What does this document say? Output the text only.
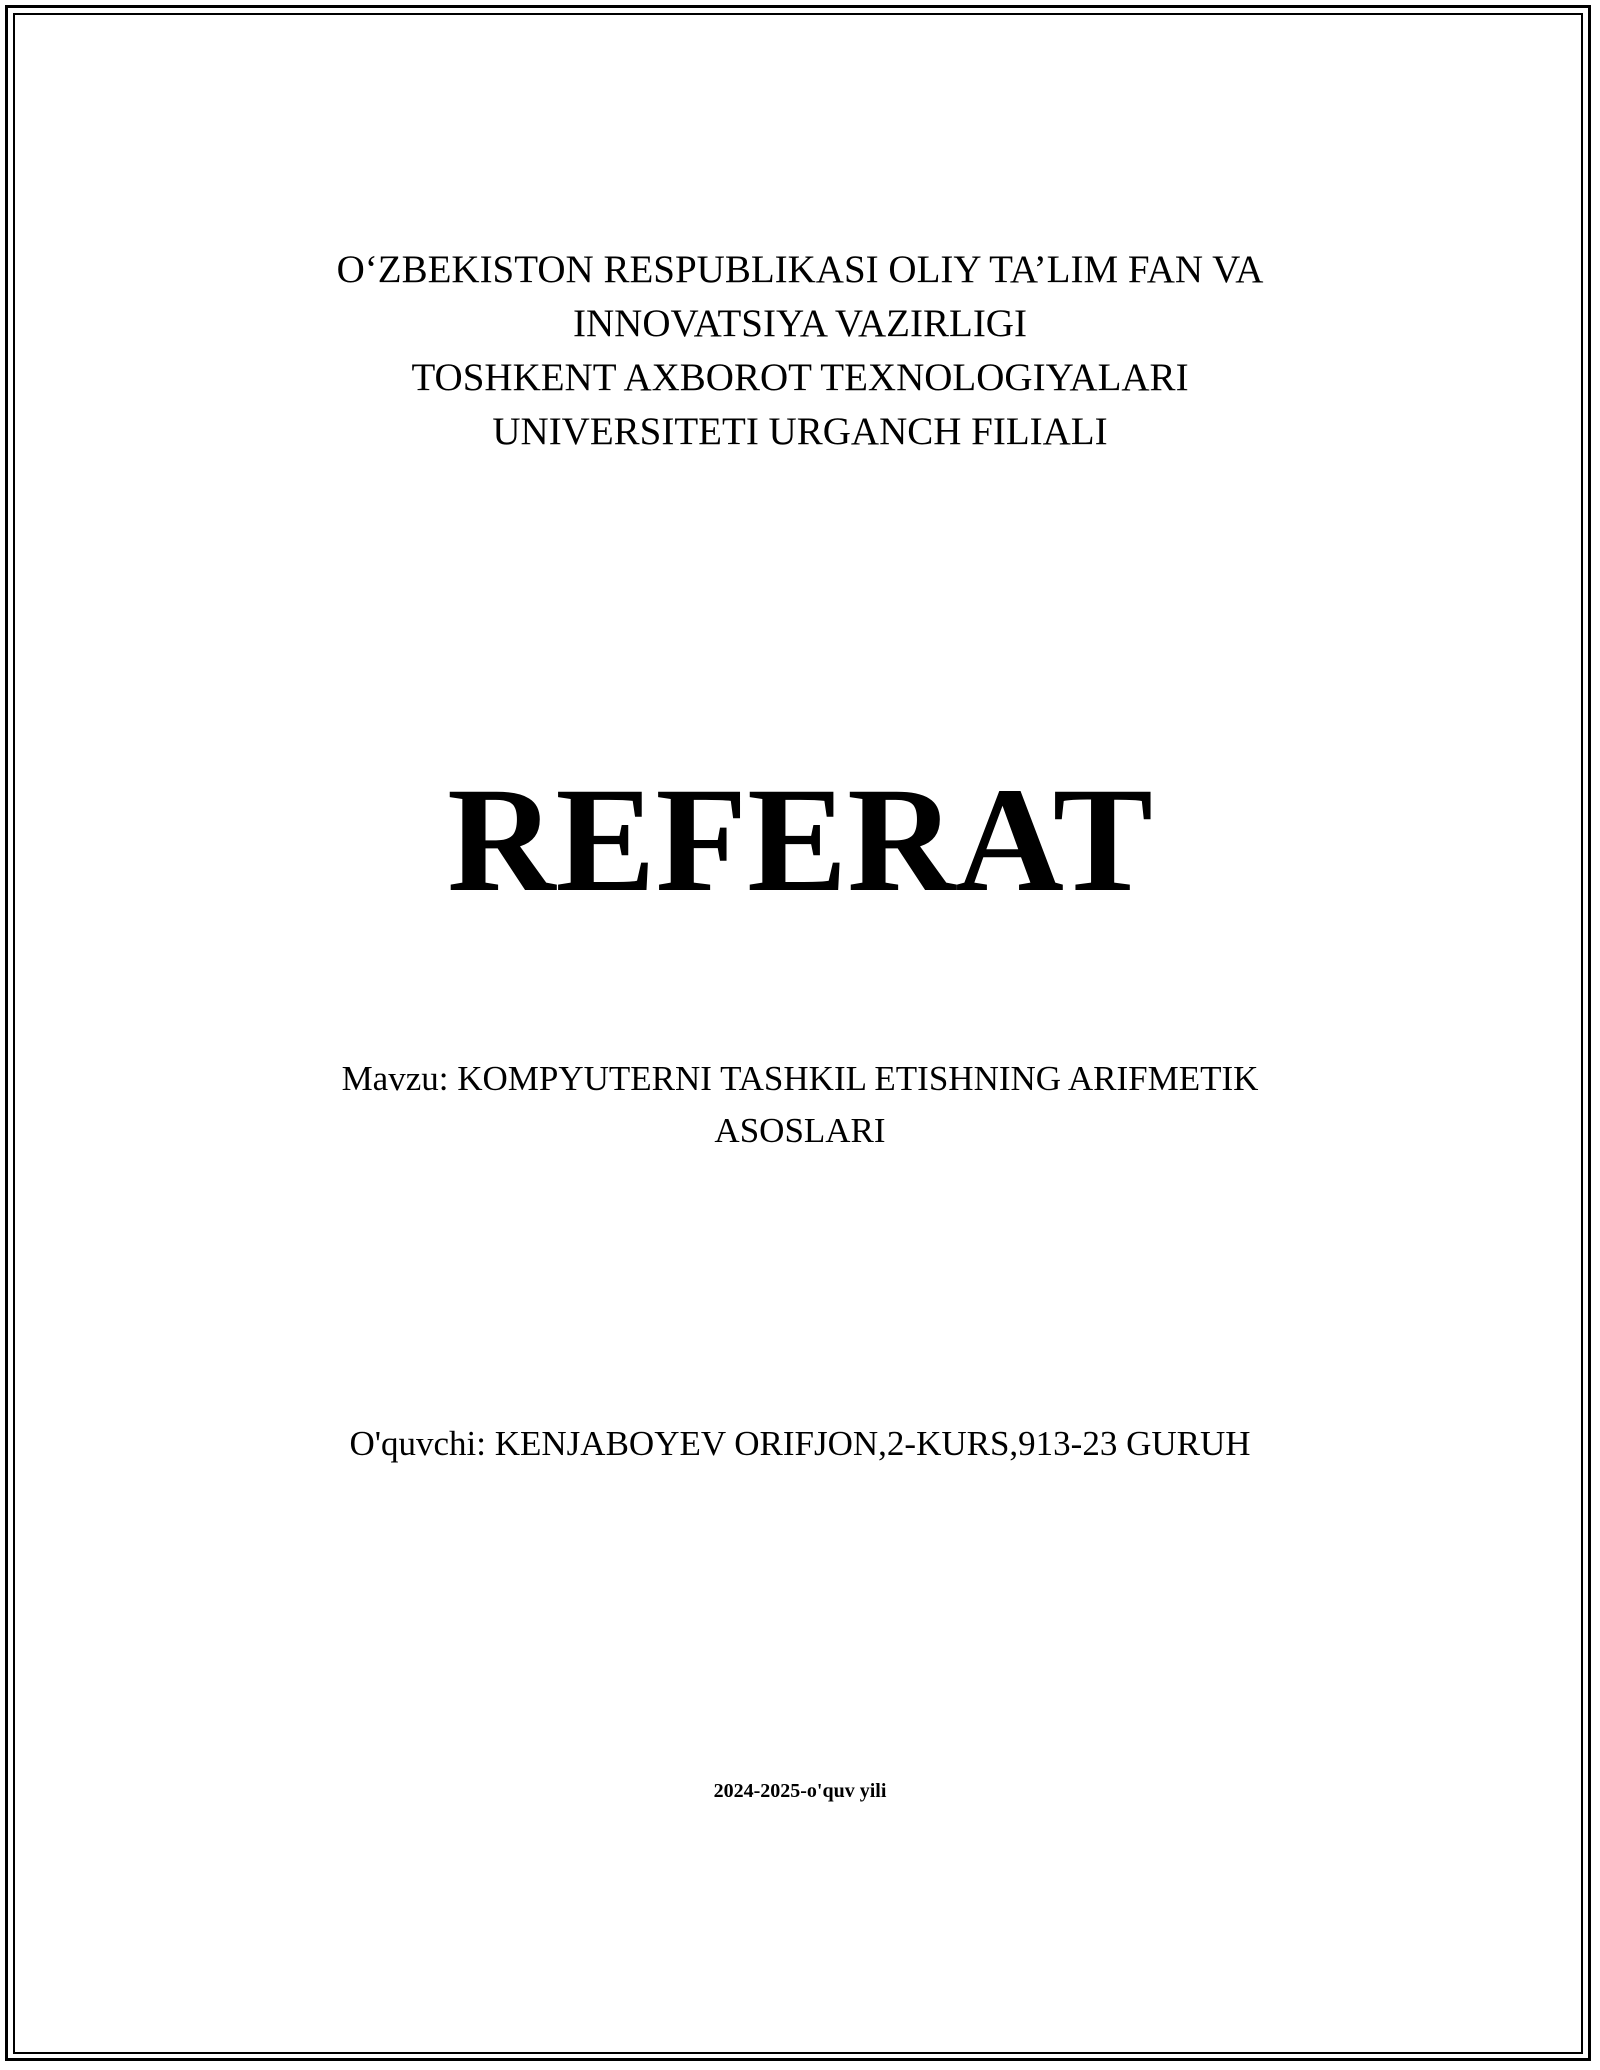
O‘ZBEKISTON RESPUBLIKASI OLIY TA’LIM FAN VA
INNOVATSIYA VAZIRLIGI
TOSHKENT AXBOROT TEXNOLOGIYALARI
UNIVERSITETI URGANCH FILIALI
REFERAT
Mavzu: KOMPYUTERNI TASHKIL ETISHNING ARIFMETIK
ASOSLARI
O'quvchi: KENJABOYEV ORIFJON,2-KURS,913-23 GURUH
2024-2025-o'quv yili
